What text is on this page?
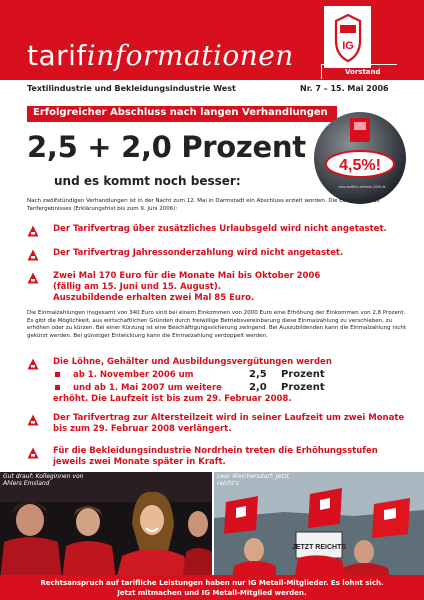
tarifinformationen	IG
Vorstand
Textilindustrie und Bekleidungsindustrie West	Nr. 7 – 15. Mai 2006
Erfolgreicher Abschluss nach langen Verhandlungen
2,5 + 2,0 Prozent
und es kommt noch besser:
4,5%!
www.tarifinfo-stefanie-2006.de
Nach zwölfstündigen Verhandlungen ist in der Nacht zum 12. Mai in Darmstadt ein Abschluss erzielt worden. Die Eckpunkte des Tarifergebnisses (Erklärungsfrist bis zum 9. Juni 2006):
Der Tarifvertrag über zusätzliches Urlaubsgeld wird nicht angetastet.
Der Tarifvertrag Jahressonderzahlung wird nicht angetastet.
Zwei Mal 170 Euro für die Monate Mai bis Oktober 2006
(fällig am 15. Juni und 15. August).
Auszubildende erhalten zwei Mal 85 Euro.
Die Einmalzahlungen insgesamt von 340 Euro sind bei einem Einkommen von 2000 Euro eine Erhöhung der Einkommen von 2,8 Prozent. Es gibt die Möglichkeit, aus wirtschaftlichen Gründen durch freiwillige Betriebsvereinbarung diese Einmalzahlung zu verschieben, zu erhöhen oder zu kürzen. Bei einer Kürzung ist eine Beschäftigungssicherung zwingend. Bei Auszubildenden kann die Einmalzahlung nicht gekürzt werden. Bei günstiger Entwicklung kann die Einmalzahlung verdoppelt werden.
Die Löhne, Gehälter und Ausbildungsvergütungen werden
ab 1. November 2006 um	2,5	Prozent
und ab 1. Mai 2007 um weitere	2,0	Prozent
erhöht. Die Laufzeit ist bis zum 29. Februar 2008.
Der Tarifvertrag zur Altersteilzeit wird in seiner Laufzeit um zwei Monate bis zum 29. Februar 2008 verlängert.
Für die Bekleidungsindustrie Nordrhein treten die Erhöhungsstufen jeweils zwei Monate später in Kraft.
Gut drauf: Kolleginnen von Ahlers Emsland
JETZT REICHTS
Lear Weichersdorf: Jetzt reicht's
Rechtsanspruch auf tarifliche Leistungen haben nur IG Metall-Mitglieder. Es lohnt sich.
Jetzt mitmachen und IG Metall-Mitglied werden.
